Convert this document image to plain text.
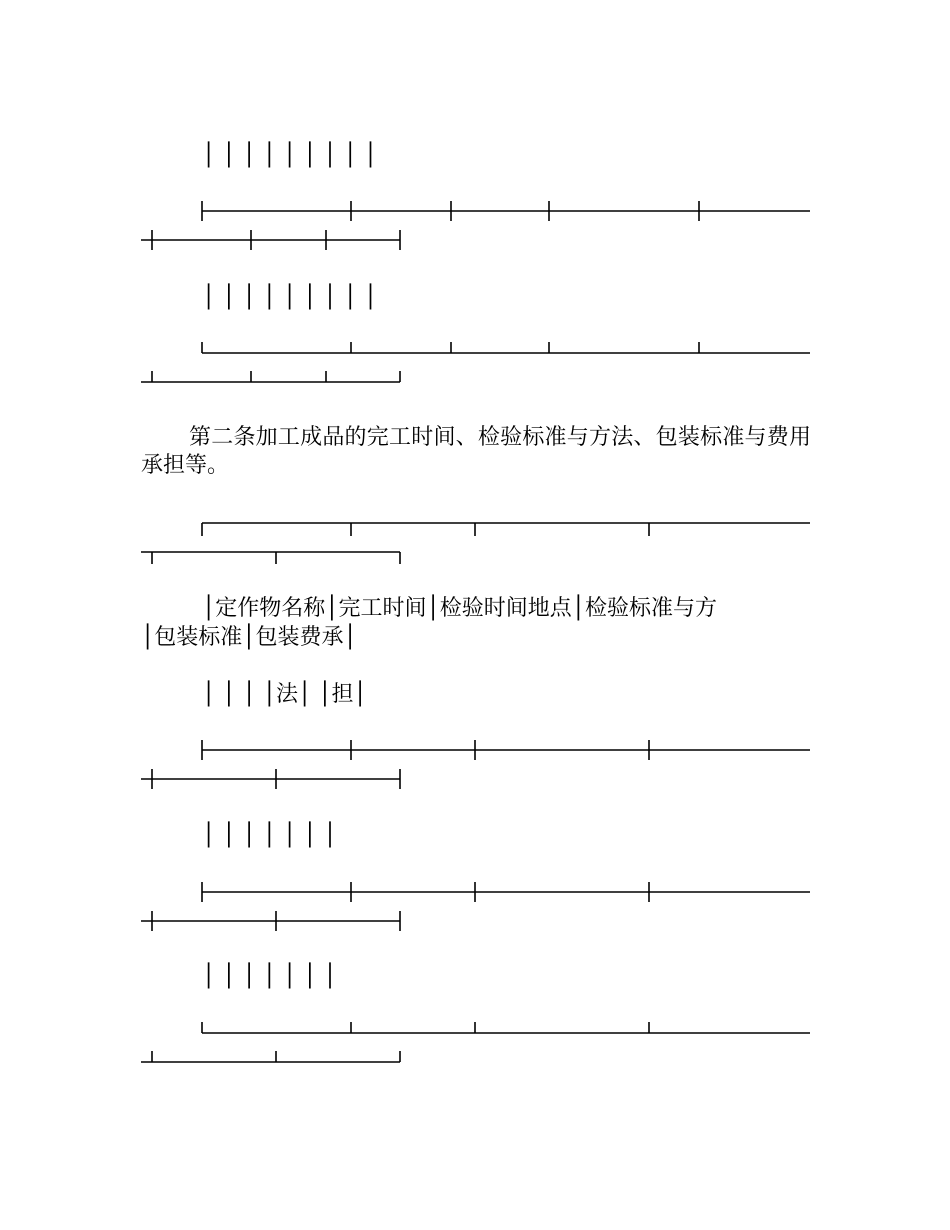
│ │ │ │ │ │ │ │ │
│ │ │ │ │ │ │ │ │
第二条加工成品的完工时间、检验标准与方法、包装标准与费用承担等。
│定作物名称│完工时间│检验时间地点│检验标准与方
│包装标准│包装费承│
│ │ │ │法│ │担│
│ │ │ │ │ │ │
│ │ │ │ │ │ │
